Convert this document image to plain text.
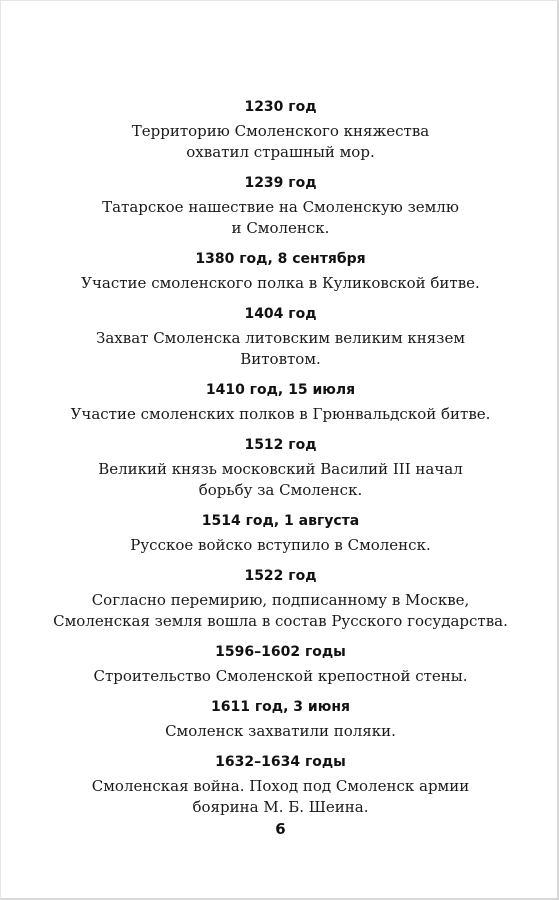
1230 год
Территорию Смоленского княжества
охватил страшный мор.
1239 год
Татарское нашествие на Смоленскую землю
и Смоленск.
1380 год, 8 сентября
Участие смоленского полка в Куликовской битве.
1404 год
Захват Смоленска литовским великим князем
Витовтом.
1410 год, 15 июля
Участие смоленских полков в Грюнвальдской битве.
1512 год
Великий князь московский Василий III начал
борьбу за Смоленск.
1514 год, 1 августа
Русское войско вступило в Смоленск.
1522 год
Согласно перемирию, подписанному в Москве,
Смоленская земля вошла в состав Русского государства.
1596–1602 годы
Строительство Смоленской крепостной стены.
1611 год, 3 июня
Смоленск захватили поляки.
1632–1634 годы
Смоленская война. Поход под Смоленск армии
боярина М. Б. Шеина.
6
